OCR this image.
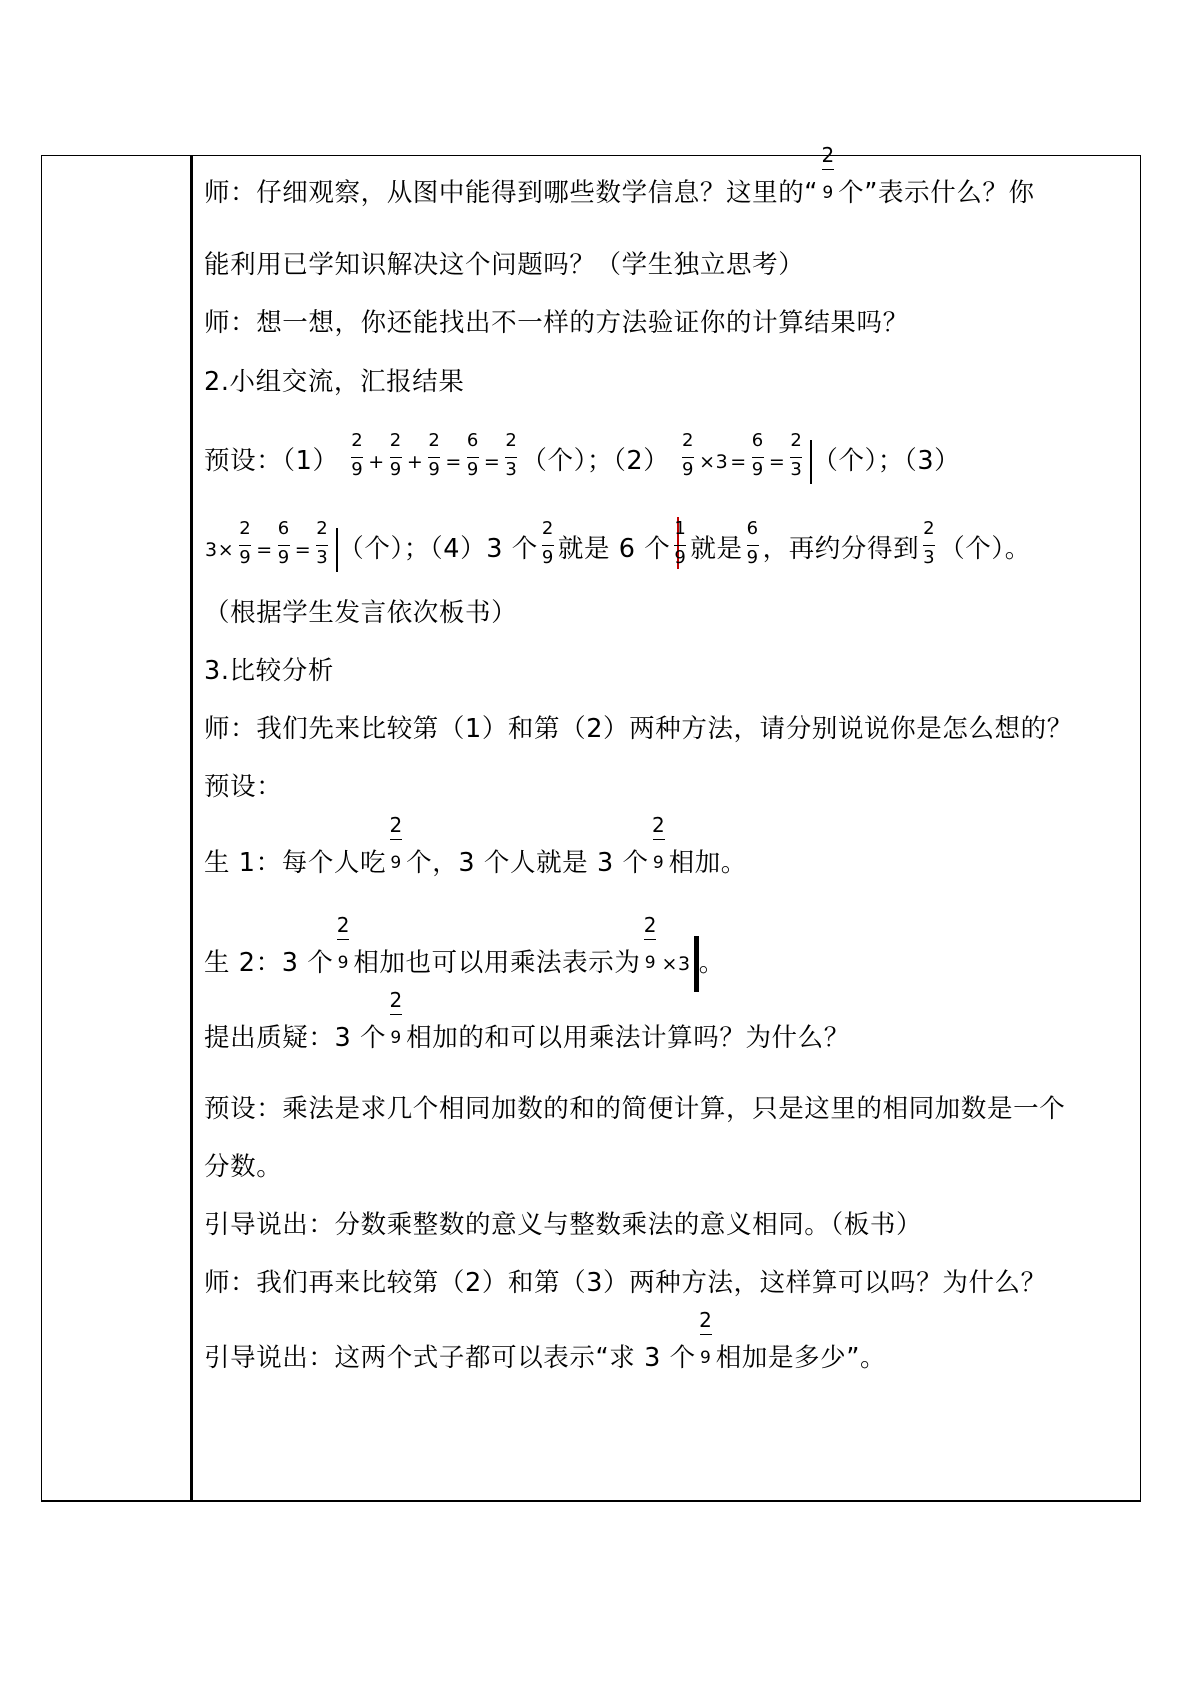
师：仔细观察，从图中能得到哪些数学信息？这里的“ $\frac{2}{9}$ 个”表示什么？你
能利用已学知识解决这个问题吗？（学生独立思考）
师：想一想，你还能找出不一样的方法验证你的计算结果吗？
2.小组交流，汇报结果
预设：$(1) \frac{2}{9} + \frac{2}{9} + \frac{2}{9} = \frac{6}{9} = \frac{2}{3}$ （个）；$(2) \frac{2}{9} \times 3 = \frac{6}{9} = \frac{2}{3}$ （个）；（3）
$3\times \frac{2}{9} = \frac{6}{9} = \frac{2}{3}$ （个）；（4）3 个 $\frac{2}{9}$ 就是 6 个 $\frac{1}{9}$ 就是 $\frac{6}{9}$ ，再约分得到 $\frac{2}{3}$ （个）。
（根据学生发言依次板书）
3.比较分析
师：我们先来比较第（1）和第（2）两种方法，请分别说说你是怎么想的？
预设：
生 1：每个人吃 $\frac{2}{9}$ 个，3 个人就是 3 个 $\frac{2}{9}$ 相加。
生 2：3 个 $\frac{2}{9}$ 相加也可以用乘法表示为 $\frac{2}{9} \times 3$ 。
提出质疑：3 个 $\frac{2}{9}$ 相加的和可以用乘法计算吗？为什么？
预设：乘法是求几个相同加数的和的简便计算，只是这里的相同加数是一个
分数。
引导说出：分数乘整数的意义与整数乘法的意义相同。（板书）
师：我们再来比较第（2）和第（3）两种方法，这样算可以吗？为什么？
引导说出：这两个式子都可以表示“求 3 个 $\frac{2}{9}$ 相加是多少”。
